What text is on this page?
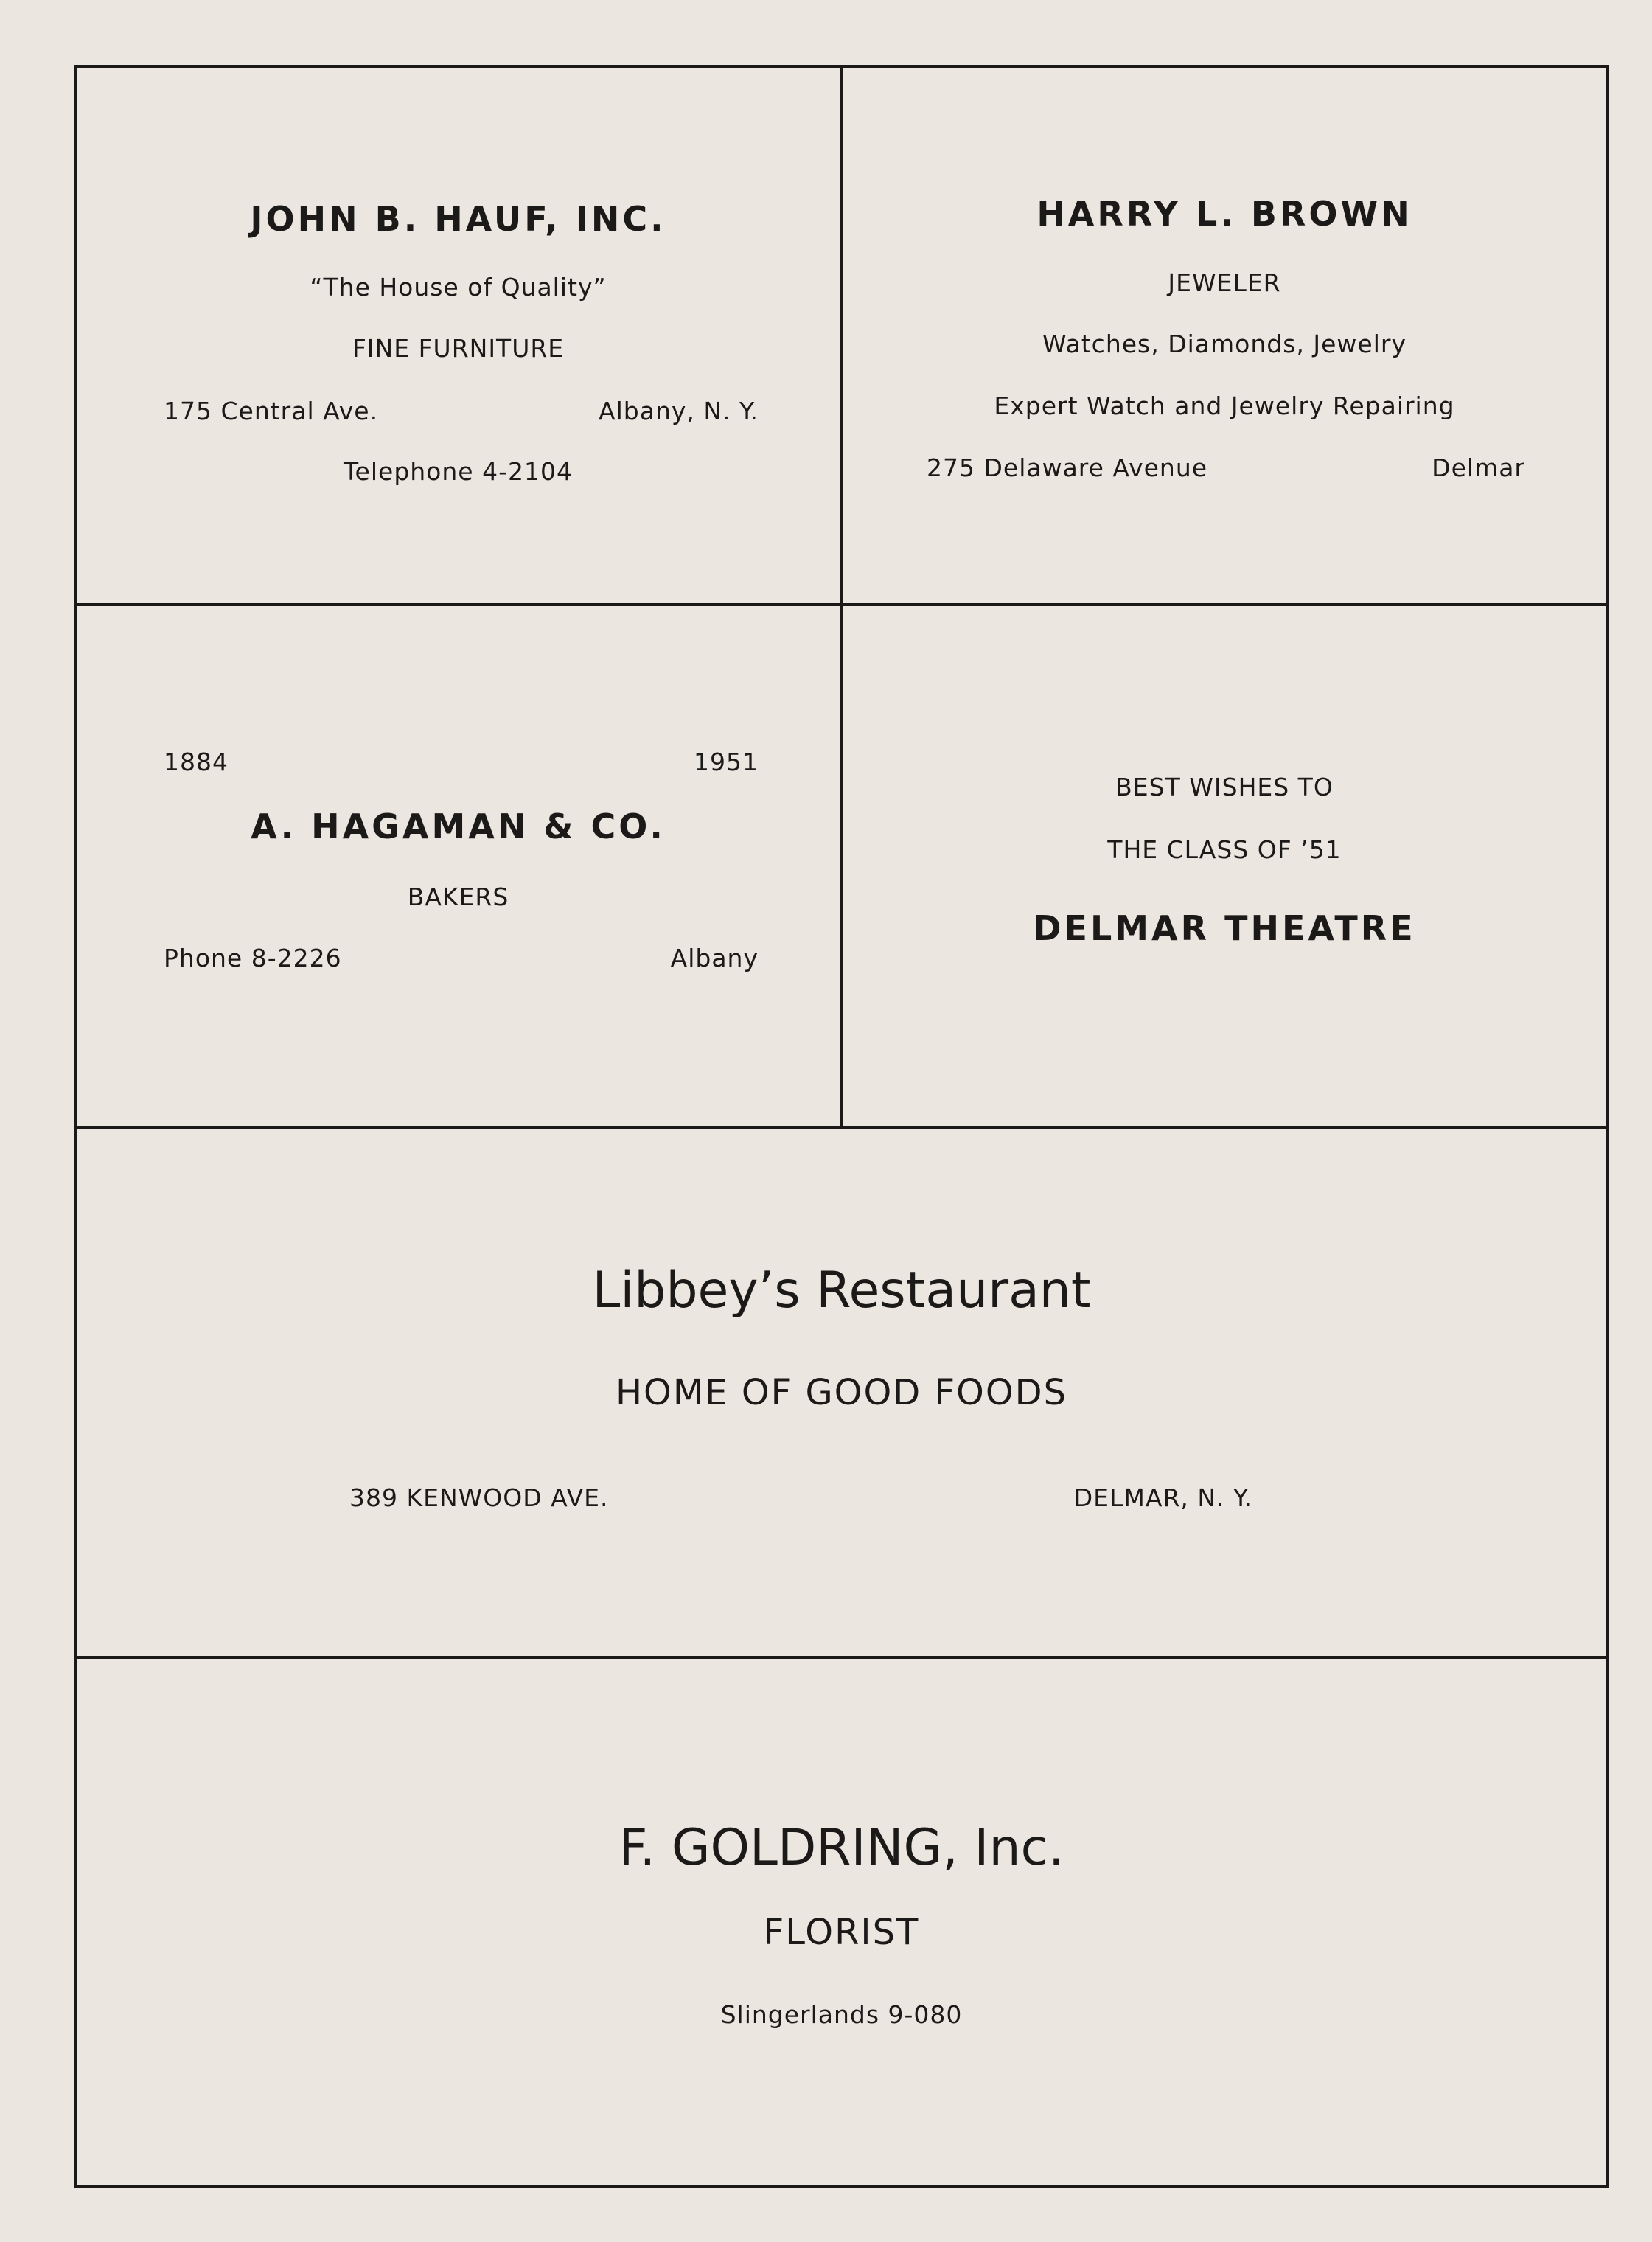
JOHN B. HAUF, INC.
“The House of Quality”
FINE FURNITURE
175 Central Ave.	Albany, N. Y.
Telephone 4-2104
HARRY L. BROWN
JEWELER
Watches, Diamonds, Jewelry
Expert Watch and Jewelry Repairing
275 Delaware Avenue	Delmar
1884	1951
A. HAGAMAN & CO.
BAKERS
Phone 8-2226	Albany
BEST WISHES TO
THE CLASS OF ’51
DELMAR THEATRE
Libbey’s Restaurant
HOME OF GOOD FOODS
389 KENWOOD AVE.	DELMAR, N. Y.
F. GOLDRING, Inc.
FLORIST
Slingerlands 9-080
